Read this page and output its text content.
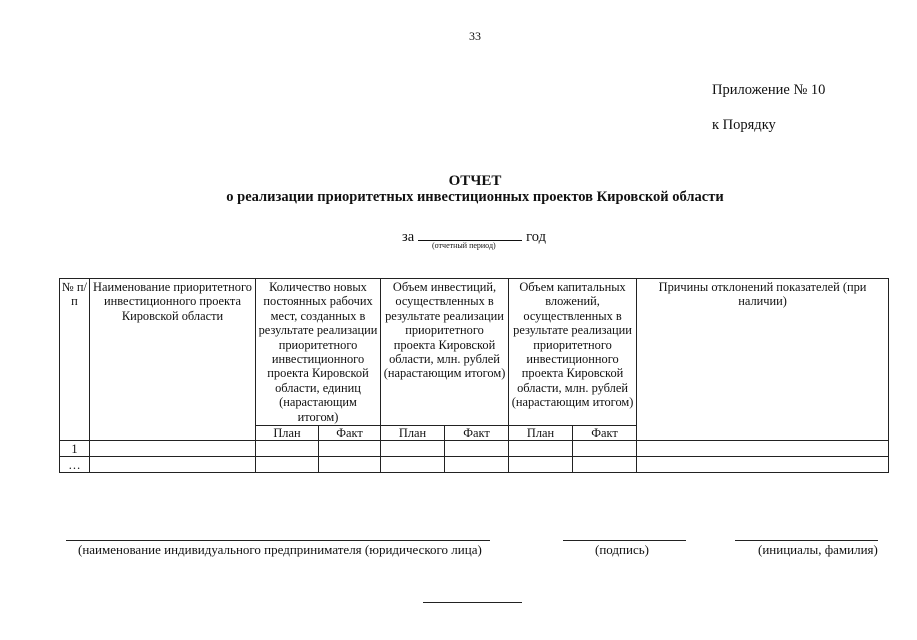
33
Приложение № 10
к Порядку
ОТЧЕТ
о реализации приоритетных инвестиционных проектов Кировской области
за	год
(отчетный период)
№ п/п	Наименование приоритетного инвестиционного проекта Кировской области	Количество новых постоянных рабочих мест, созданных в результате реализации приоритетного инвестиционного проекта Кировской области, единиц (нарастающим итогом)		Объем инвестиций, осуществленных в результате реализации приоритетного проекта Кировской области, млн. рублей (нарастающим итогом)		Объем капитальных вложений, осуществленных в результате реализации приоритетного инвестиционного проекта Кировской области, млн. рублей (нарастающим итогом)		Причины отклонений показателей (при наличии)
		План	Факт	План	Факт	План	Факт	
1								
…								
(наименование индивидуального предпринимателя (юридического лица)	(подпись)	(инициалы, фамилия)
